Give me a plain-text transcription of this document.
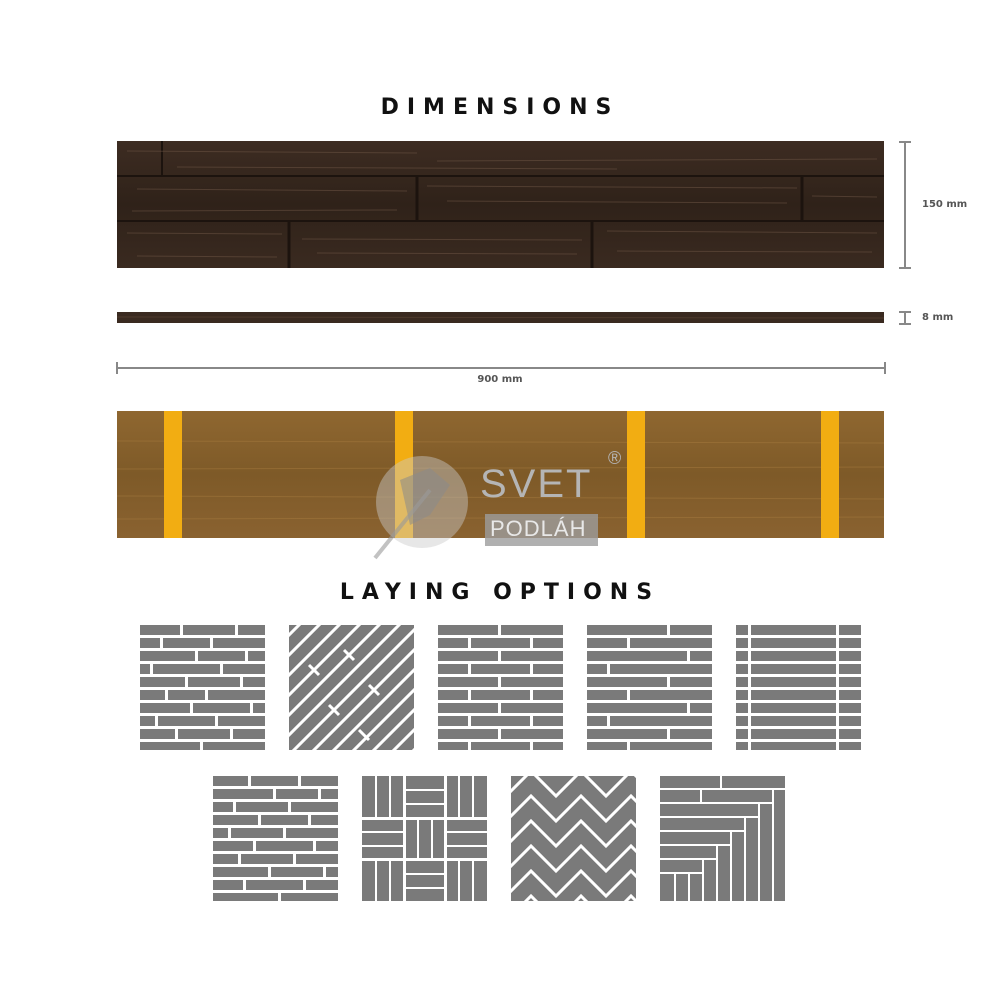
DIMENSIONS
LAYING OPTIONS
150 mm
8 mm
900 mm
SVET
®
PODLÁH
